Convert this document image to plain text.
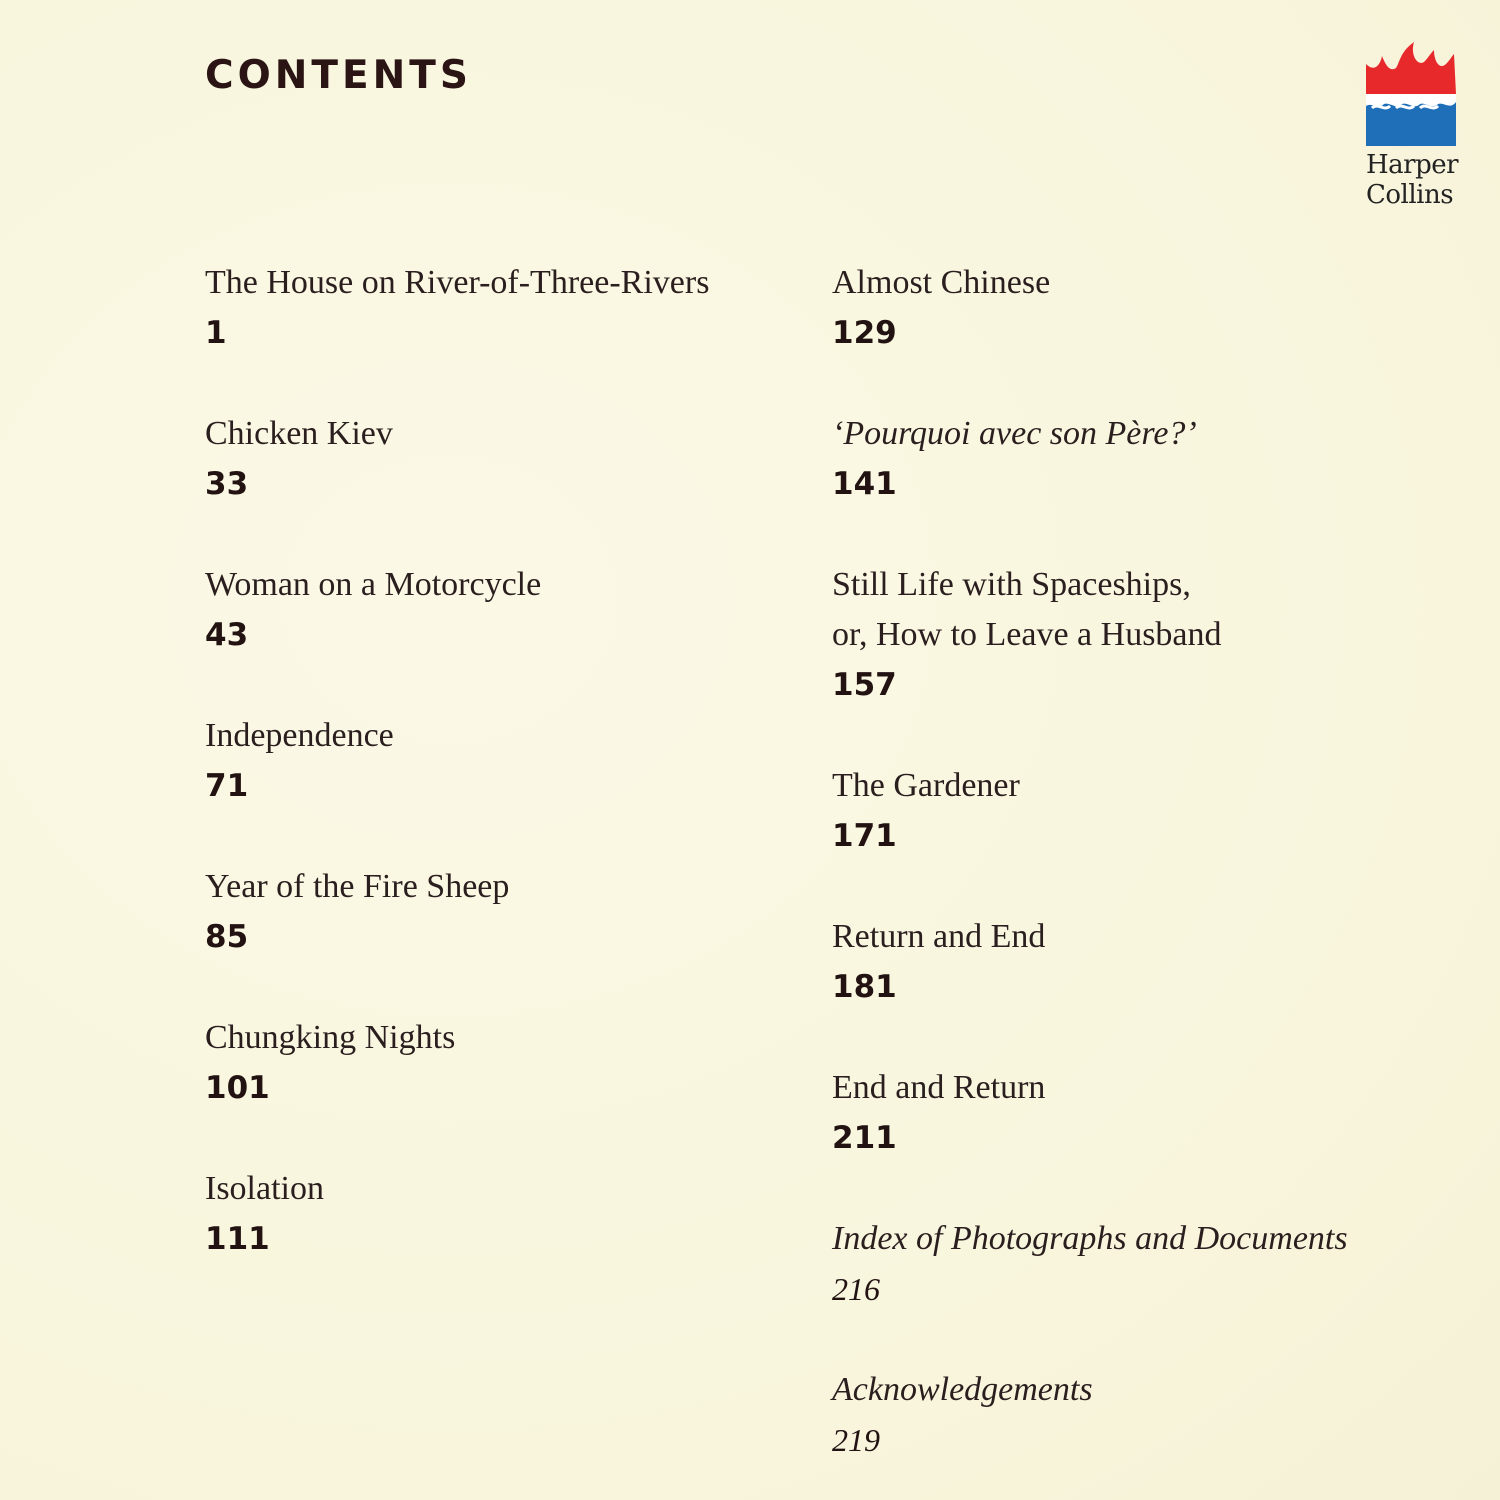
CONTENTS
Harper
Collins
The House on River-of-Three-Rivers
1
Chicken Kiev
33
Woman on a Motorcycle
43
Independence
71
Year of the Fire Sheep
85
Chungking Nights
101
Isolation
111
Almost Chinese
129
‘Pourquoi avec son Père?’
141
Still Life with Spaceships,
or, How to Leave a Husband
157
The Gardener
171
Return and End
181
End and Return
211
Index of Photographs and Documents
216
Acknowledgements
219
